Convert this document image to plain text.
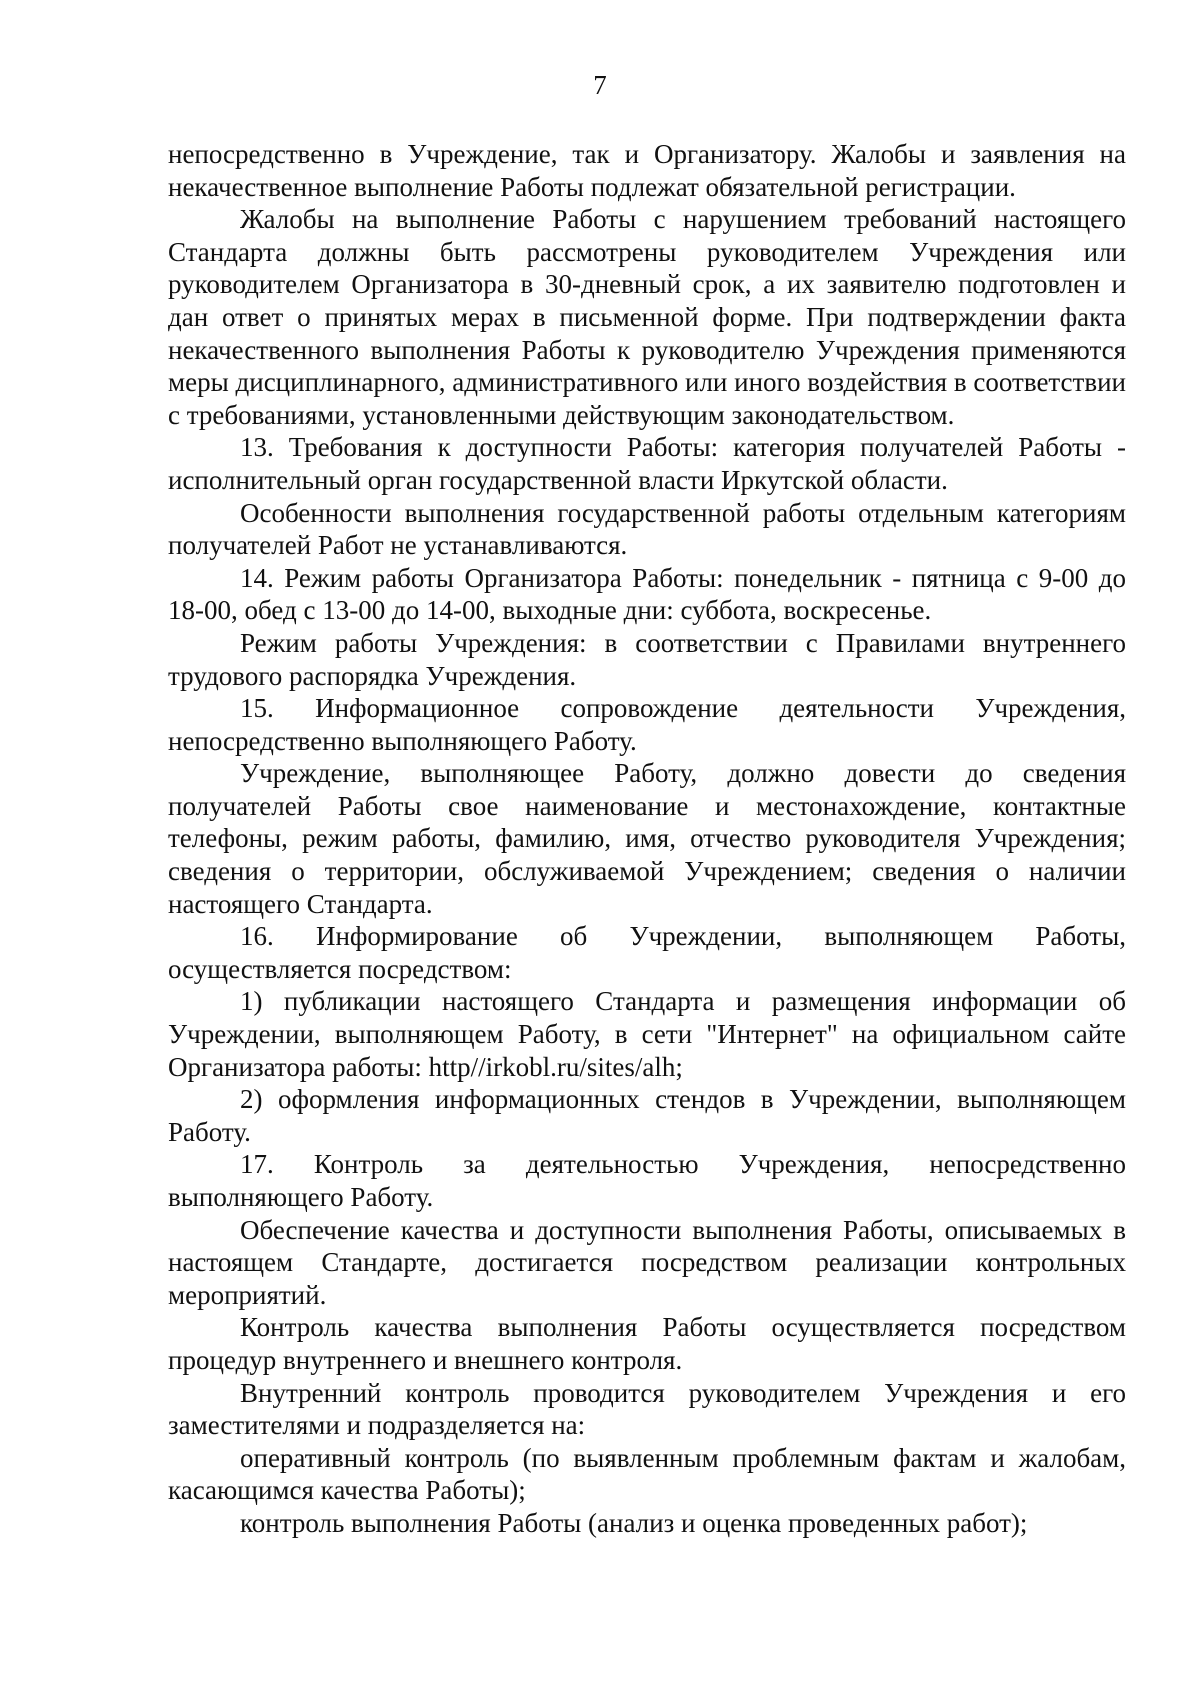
7

непосредственно в Учреждение, так и Организатору. Жалобы и заявления на некачественное выполнение Работы подлежат обязательной регистрации.

Жалобы на выполнение Работы с нарушением требований настоящего Стандарта должны быть рассмотрены руководителем Учреждения или руководителем Организатора в 30-дневный срок, а их заявителю подготовлен и дан ответ о принятых мерах в письменной форме. При подтверждении факта некачественного выполнения Работы к руководителю Учреждения применяются меры дисциплинарного, административного или иного воздействия в соответствии с требованиями, установленными действующим законодательством.

13. Требования к доступности Работы: категория получателей Работы - исполнительный орган государственной власти Иркутской области.

Особенности выполнения государственной работы отдельным категориям получателей Работ не устанавливаются.

14. Режим работы Организатора Работы: понедельник - пятница с 9-00 до 18-00, обед с 13-00 до 14-00, выходные дни: суббота, воскресенье.

Режим работы Учреждения: в соответствии с Правилами внутреннего трудового распорядка Учреждения.

15. Информационное сопровождение деятельности Учреждения, непосредственно выполняющего Работу.

Учреждение, выполняющее Работу, должно довести до сведения получателей Работы свое наименование и местонахождение, контактные телефоны, режим работы, фамилию, имя, отчество руководителя Учреждения; сведения о территории, обслуживаемой Учреждением; сведения о наличии настоящего Стандарта.

16. Информирование об Учреждении, выполняющем Работы, осуществляется посредством:

1) публикации настоящего Стандарта и размещения информации об Учреждении, выполняющем Работу, в сети "Интернет" на официальном сайте Организатора работы: http//irkobl.ru/sites/alh;

2) оформления информационных стендов в Учреждении, выполняющем Работу.

17. Контроль за деятельностью Учреждения, непосредственно выполняющего Работу.

Обеспечение качества и доступности выполнения Работы, описываемых в настоящем Стандарте, достигается посредством реализации контрольных мероприятий.

Контроль качества выполнения Работы осуществляется посредством процедур внутреннего и внешнего контроля.

Внутренний контроль проводится руководителем Учреждения и его заместителями и подразделяется на:

оперативный контроль (по выявленным проблемным фактам и жалобам, касающимся качества Работы);

контроль выполнения Работы (анализ и оценка проведенных работ);
